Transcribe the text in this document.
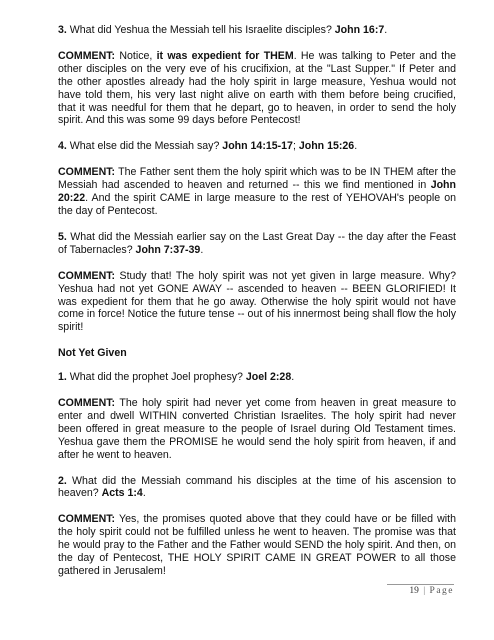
3. What did Yeshua the Messiah tell his Israelite disciples? John 16:7.

COMMENT: Notice, it was expedient for THEM. He was talking to Peter and the other disciples on the very eve of his crucifixion, at the "Last Supper." If Peter and the other apostles already had the holy spirit in large measure, Yeshua would not have told them, his very last night alive on earth with them before being crucified, that it was needful for them that he depart, go to heaven, in order to send the holy spirit. And this was some 99 days before Pentecost!

4. What else did the Messiah say? John 14:15-17; John 15:26.

COMMENT: The Father sent them the holy spirit which was to be IN THEM after the Messiah had ascended to heaven and returned -- this we find mentioned in John 20:22. And the spirit CAME in large measure to the rest of YEHOVAH's people on the day of Pentecost.

5. What did the Messiah earlier say on the Last Great Day -- the day after the Feast of Tabernacles? John 7:37-39.

COMMENT: Study that! The holy spirit was not yet given in large measure. Why? Yeshua had not yet GONE AWAY -- ascended to heaven -- BEEN GLORIFIED! It was expedient for them that he go away. Otherwise the holy spirit would not have come in force! Notice the future tense -- out of his innermost being shall flow the holy spirit!

Not Yet Given

1. What did the prophet Joel prophesy? Joel 2:28.

COMMENT: The holy spirit had never yet come from heaven in great measure to enter and dwell WITHIN converted Christian Israelites. The holy spirit had never been offered in great measure to the people of Israel during Old Testament times. Yeshua gave them the PROMISE he would send the holy spirit from heaven, if and after he went to heaven.

2. What did the Messiah command his disciples at the time of his ascension to heaven? Acts 1:4.

COMMENT: Yes, the promises quoted above that they could have or be filled with the holy spirit could not be fulfilled unless he went to heaven. The promise was that he would pray to the Father and the Father would SEND the holy spirit. And then, on the day of Pentecost, THE HOLY SPIRIT CAME IN GREAT POWER to all those gathered in Jerusalem!

19 | Page
